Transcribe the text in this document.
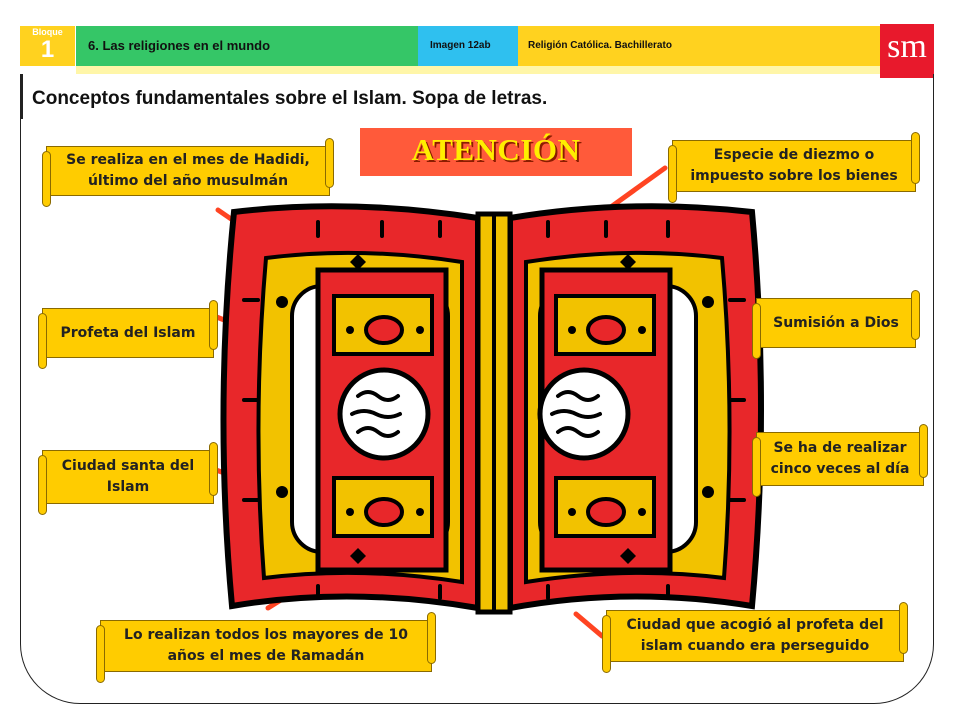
Bloque
1	6. Las religiones en el mundo	Imagen 12ab	Religión Católica. Bachillerato	sm
Conceptos fundamentales sobre el Islam. Sopa de letras.
ATENCIÓN
Se realiza en el mes de Hadidi, último del año musulmán
Profeta del Islam
Ciudad santa del Islam
Especie de diezmo o impuesto sobre los bienes
Sumisión a Dios
Se ha de realizar cinco veces al día
Lo realizan todos los mayores de 10 años el mes de Ramadán
Ciudad que acogió al profeta del islam cuando era perseguido
